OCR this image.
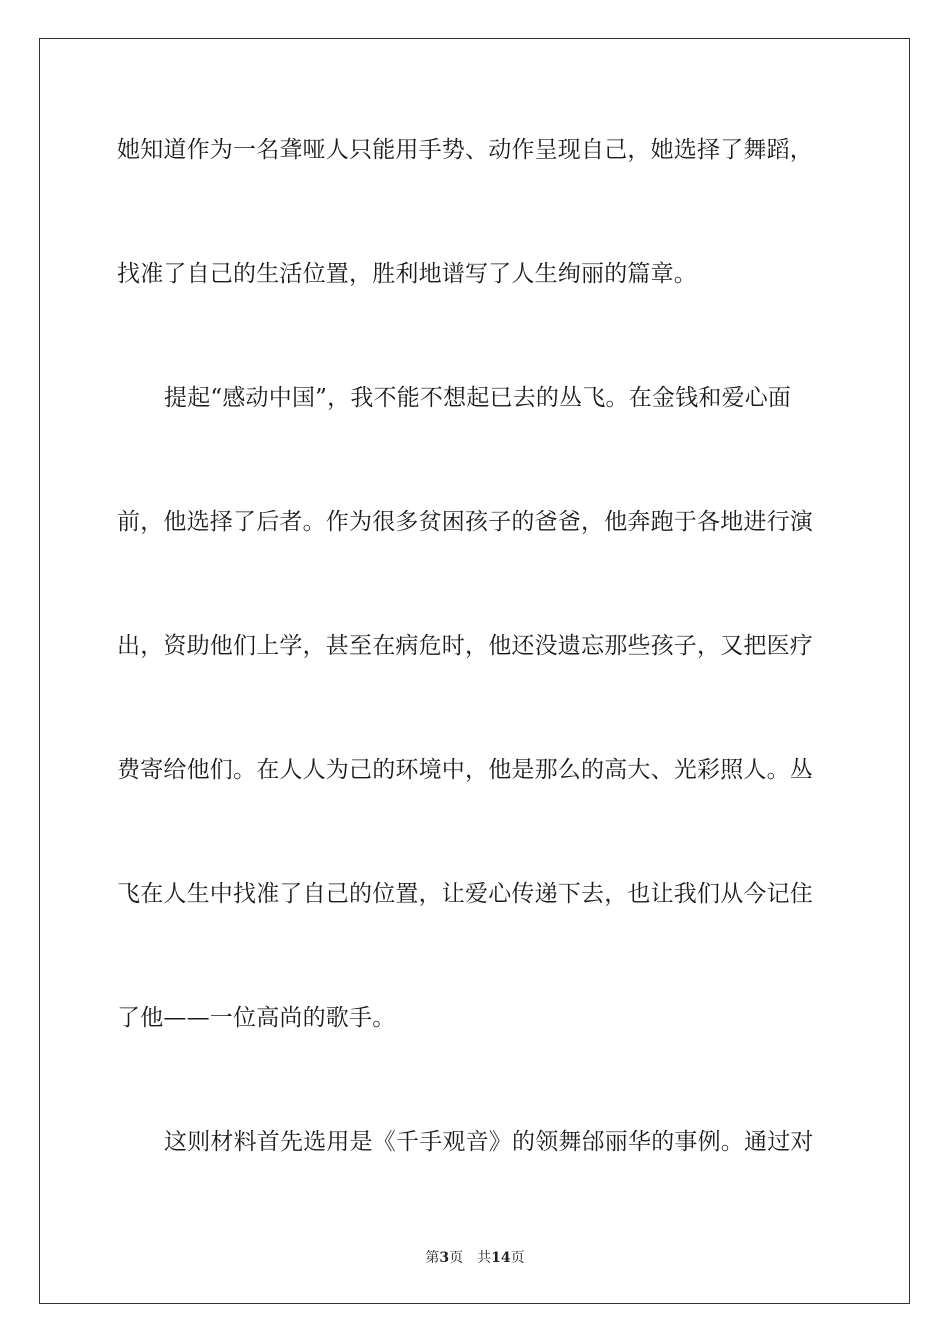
她知道作为一名聋哑人只能用手势、动作呈现自己，她选择了舞蹈，
找准了自己的生活位置，胜利地谱写了人生绚丽的篇章。
提起“感动中国”，我不能不想起已去的丛飞。在金钱和爱心面
前，他选择了后者。作为很多贫困孩子的爸爸，他奔跑于各地进行演
出，资助他们上学，甚至在病危时，他还没遗忘那些孩子，又把医疗
费寄给他们。在人人为己的环境中，他是那么的高大、光彩照人。丛
飞在人生中找准了自己的位置，让爱心传递下去，也让我们从今记住
了他——一位高尚的歌手。
这则材料首先选用是《千手观音》的领舞邰丽华的事例。通过对
第3页 共14页
